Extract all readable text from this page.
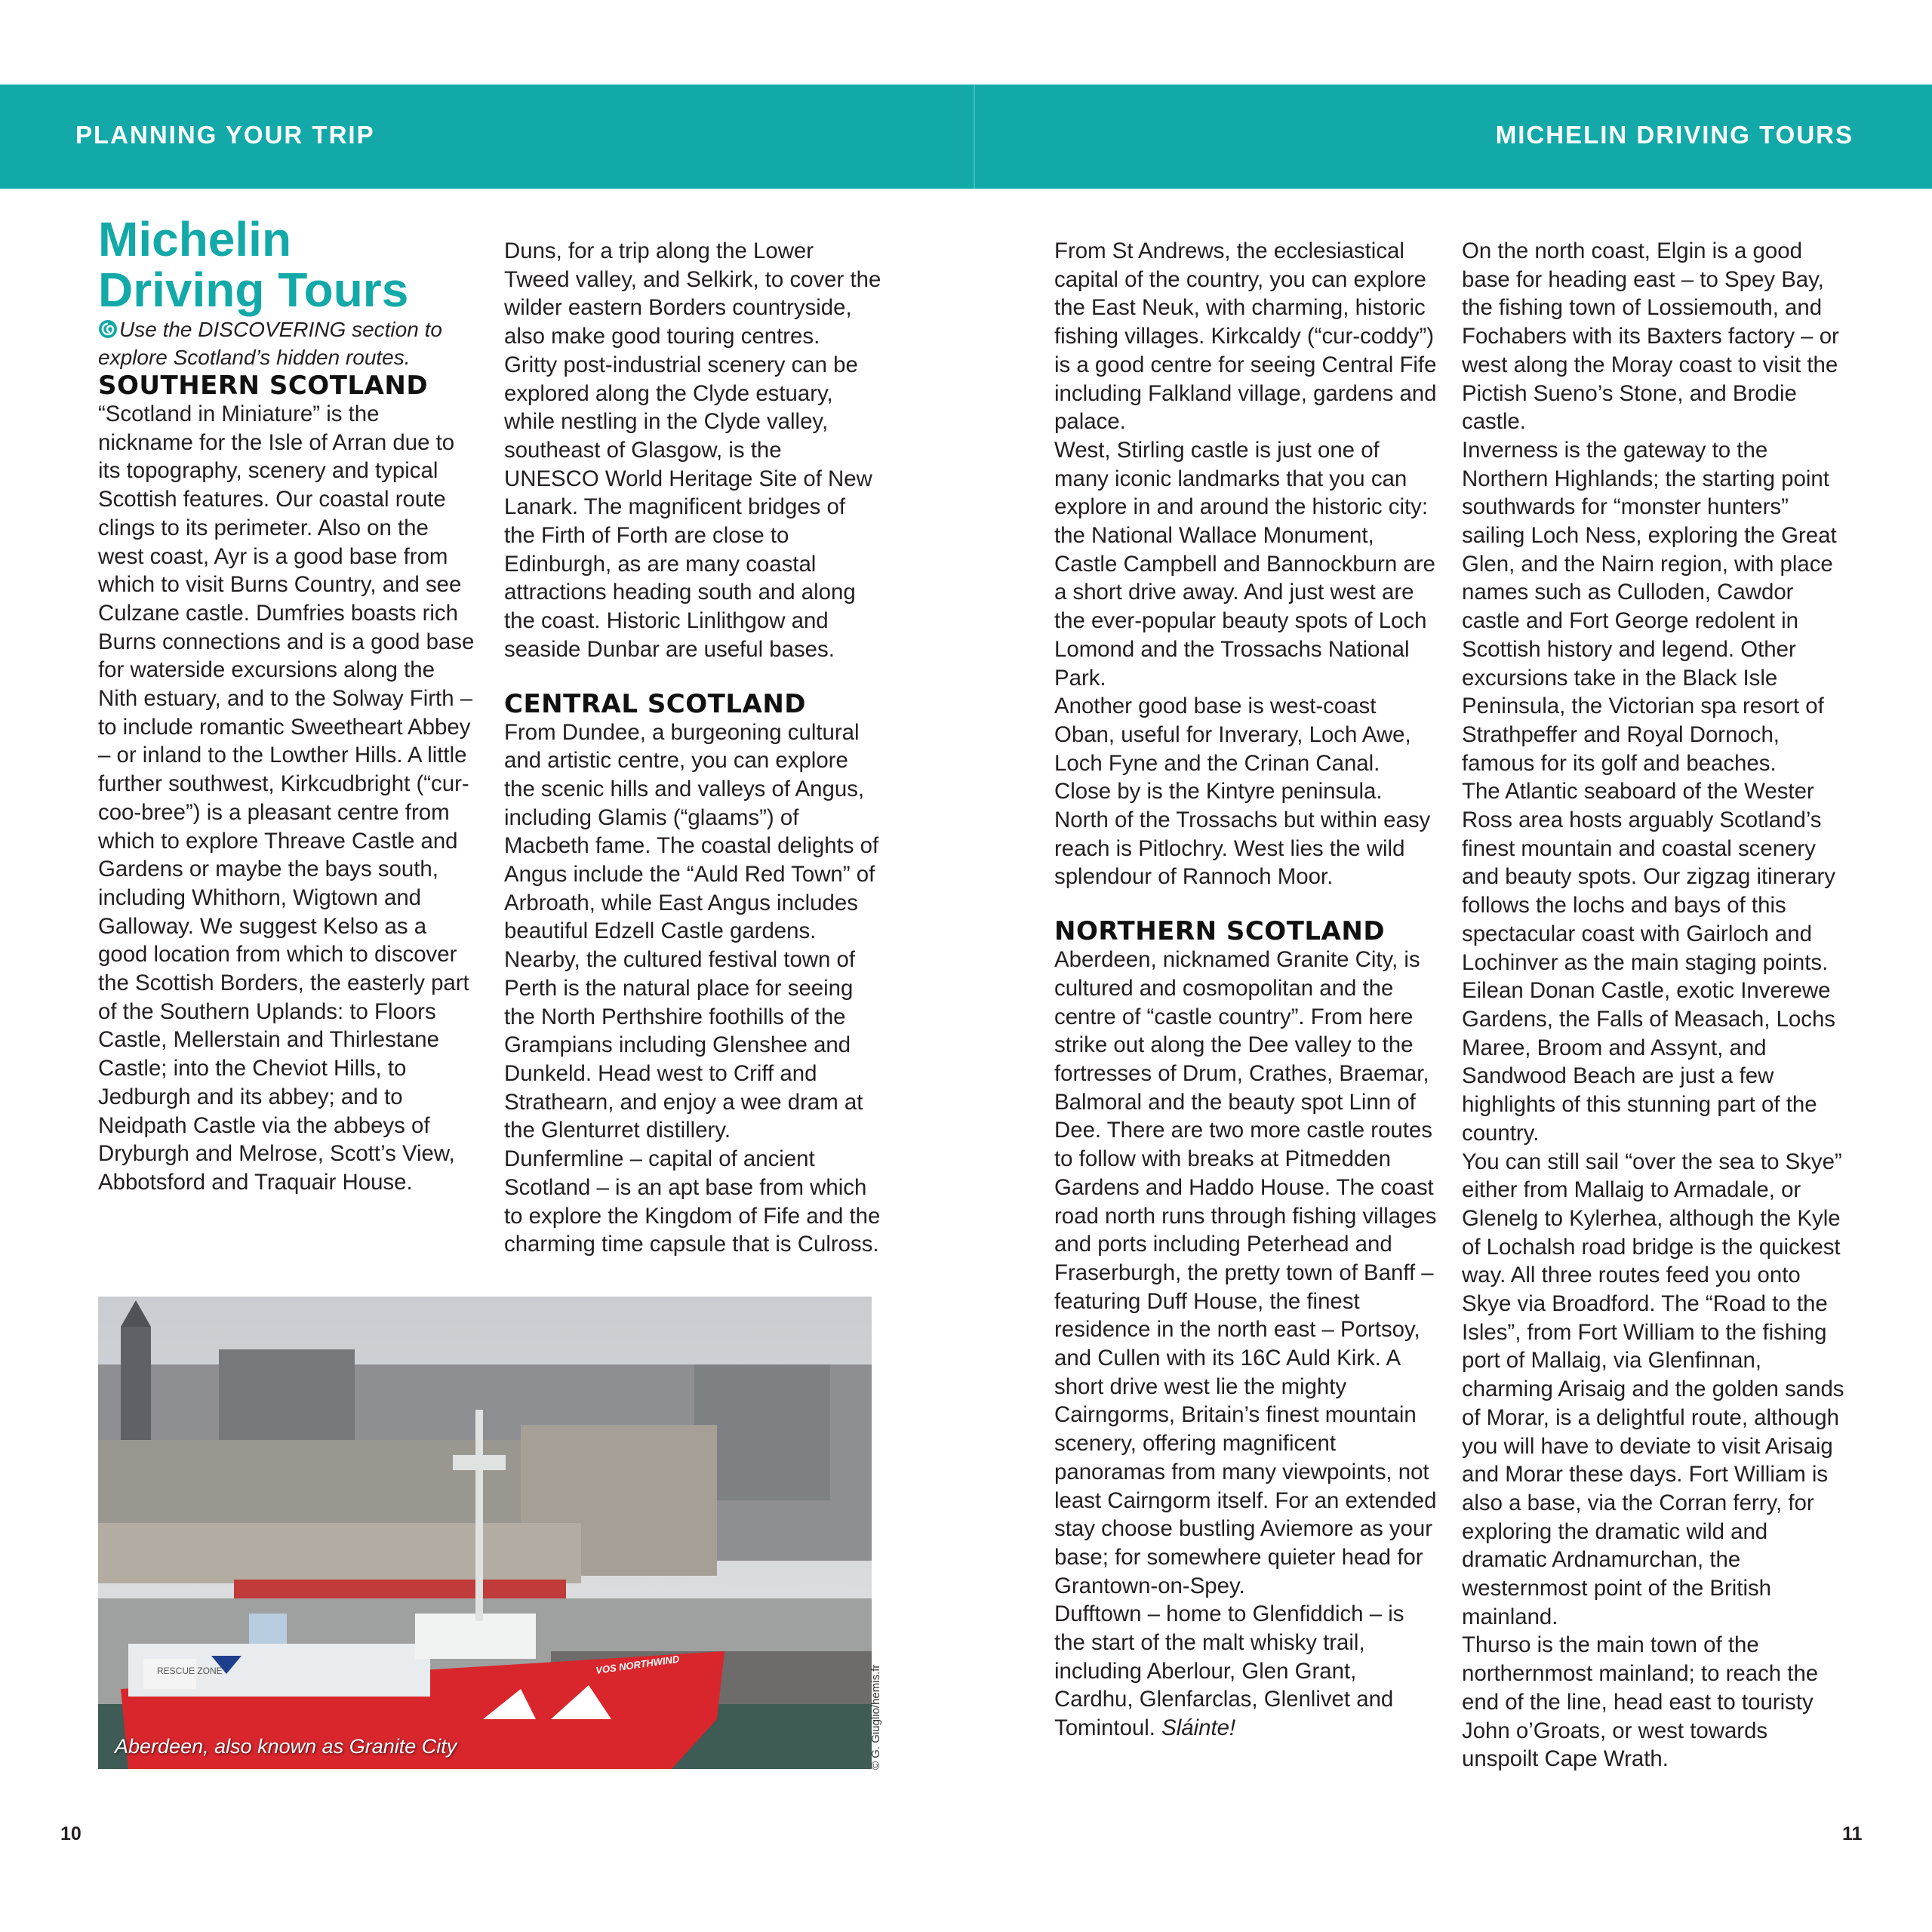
PLANNING YOUR TRIP	MICHELIN DRIVING TOURS
Michelin
Driving Tours

Use the DISCOVERING section to
explore Scotland’s hidden routes.

SOUTHERN SCOTLAND

“Scotland in Miniature” is the nickname for the Isle of Arran due to its topography, scenery and typical Scottish features. Our coastal route clings to its perimeter. Also on the west coast, Ayr is a good base from which to visit Burns Country, and see Culzane castle. Dumfries boasts rich Burns connections and is a good base for waterside excursions along the Nith estuary, and to the Solway Firth – to include romantic Sweetheart Abbey – or inland to the Lowther Hills. A little further southwest, Kirkcudbright (“cur-coo-bree”) is a pleasant centre from which to explore Threave Castle and Gardens or maybe the bays south, including Whithorn, Wigtown and Galloway. We suggest Kelso as a good location from which to discover the Scottish Borders, the easterly part of the Southern Uplands: to Floors Castle, Mellerstain and Thirlestane Castle; into the Cheviot Hills, to Jedburgh and its abbey; and to Neidpath Castle via the abbeys of Dryburgh and Melrose, Scott’s View, Abbotsford and Traquair House.

Duns, for a trip along the Lower Tweed valley, and Selkirk, to cover the wilder eastern Borders countryside, also make good touring centres.

Gritty post-industrial scenery can be explored along the Clyde estuary, while nestling in the Clyde valley, southeast of Glasgow, is the UNESCO World Heritage Site of New Lanark. The magnificent bridges of the Firth of Forth are close to Edinburgh, as are many coastal attractions heading south and along the coast. Historic Linlithgow and seaside Dunbar are useful bases.

CENTRAL SCOTLAND

From Dundee, a burgeoning cultural and artistic centre, you can explore the scenic hills and valleys of Angus, including Glamis (“glaams”) of Macbeth fame. The coastal delights of Angus include the “Auld Red Town” of Arbroath, while East Angus includes beautiful Edzell Castle gardens.

Nearby, the cultured festival town of Perth is the natural place for seeing the North Perthshire foothills of the Grampians including Glenshee and Dunkeld. Head west to Criff and Strathearn, and enjoy a wee dram at the Glenturret distillery.

Dunfermline – capital of ancient Scotland – is an apt base from which to explore the Kingdom of Fife and the charming time capsule that is Culross.

RESCUE ZONE	VOS NORTHWIND
Aberdeen, also known as Granite City	© G. Giuglio/hemis.fr

From St Andrews, the ecclesiastical capital of the country, you can explore the East Neuk, with charming, historic fishing villages. Kirkcaldy (“cur-coddy”) is a good centre for seeing Central Fife including Falkland village, gardens and palace.

West, Stirling castle is just one of many iconic landmarks that you can explore in and around the historic city: the National Wallace Monument, Castle Campbell and Bannockburn are a short drive away. And just west are the ever-popular beauty spots of Loch Lomond and the Trossachs National Park.

Another good base is west-coast Oban, useful for Inverary, Loch Awe, Loch Fyne and the Crinan Canal. Close by is the Kintyre peninsula. North of the Trossachs but within easy reach is Pitlochry. West lies the wild splendour of Rannoch Moor.

NORTHERN SCOTLAND

Aberdeen, nicknamed Granite City, is cultured and cosmopolitan and the centre of “castle country”. From here strike out along the Dee valley to the fortresses of Drum, Crathes, Braemar, Balmoral and the beauty spot Linn of Dee. There are two more castle routes to follow with breaks at Pitmedden Gardens and Haddo House. The coast road north runs through fishing villages and ports including Peterhead and Fraserburgh, the pretty town of Banff – featuring Duff House, the finest residence in the north east – Portsoy, and Cullen with its 16C Auld Kirk. A short drive west lie the mighty Cairngorms, Britain’s finest mountain scenery, offering magnificent panoramas from many viewpoints, not least Cairngorm itself. For an extended stay choose bustling Aviemore as your base; for somewhere quieter head for Grantown-on-Spey.

Dufftown – home to Glenfiddich – is the start of the malt whisky trail, including Aberlour, Glen Grant, Cardhu, Glenfarclas, Glenlivet and Tomintoul. Sláinte!

On the north coast, Elgin is a good base for heading east – to Spey Bay, the fishing town of Lossiemouth, and Fochabers with its Baxters factory – or west along the Moray coast to visit the Pictish Sueno’s Stone, and Brodie castle.

Inverness is the gateway to the Northern Highlands; the starting point southwards for “monster hunters” sailing Loch Ness, exploring the Great Glen, and the Nairn region, with place names such as Culloden, Cawdor castle and Fort George redolent in Scottish history and legend. Other excursions take in the Black Isle Peninsula, the Victorian spa resort of Strathpeffer and Royal Dornoch, famous for its golf and beaches.

The Atlantic seaboard of the Wester Ross area hosts arguably Scotland’s finest mountain and coastal scenery and beauty spots. Our zigzag itinerary follows the lochs and bays of this spectacular coast with Gairloch and Lochinver as the main staging points. Eilean Donan Castle, exotic Inverewe Gardens, the Falls of Measach, Lochs Maree, Broom and Assynt, and Sandwood Beach are just a few highlights of this stunning part of the country.

You can still sail “over the sea to Skye” either from Mallaig to Armadale, or Glenelg to Kylerhea, although the Kyle of Lochalsh road bridge is the quickest way. All three routes feed you onto Skye via Broadford. The “Road to the Isles”, from Fort William to the fishing port of Mallaig, via Glenfinnan, charming Arisaig and the golden sands of Morar, is a delightful route, although you will have to deviate to visit Arisaig and Morar these days. Fort William is also a base, via the Corran ferry, for exploring the dramatic wild and dramatic Ardnamurchan, the westernmost point of the British mainland.

Thurso is the main town of the northernmost mainland; to reach the end of the line, head east to touristy John o’Groats, or west towards unspoilt Cape Wrath.

10	11
